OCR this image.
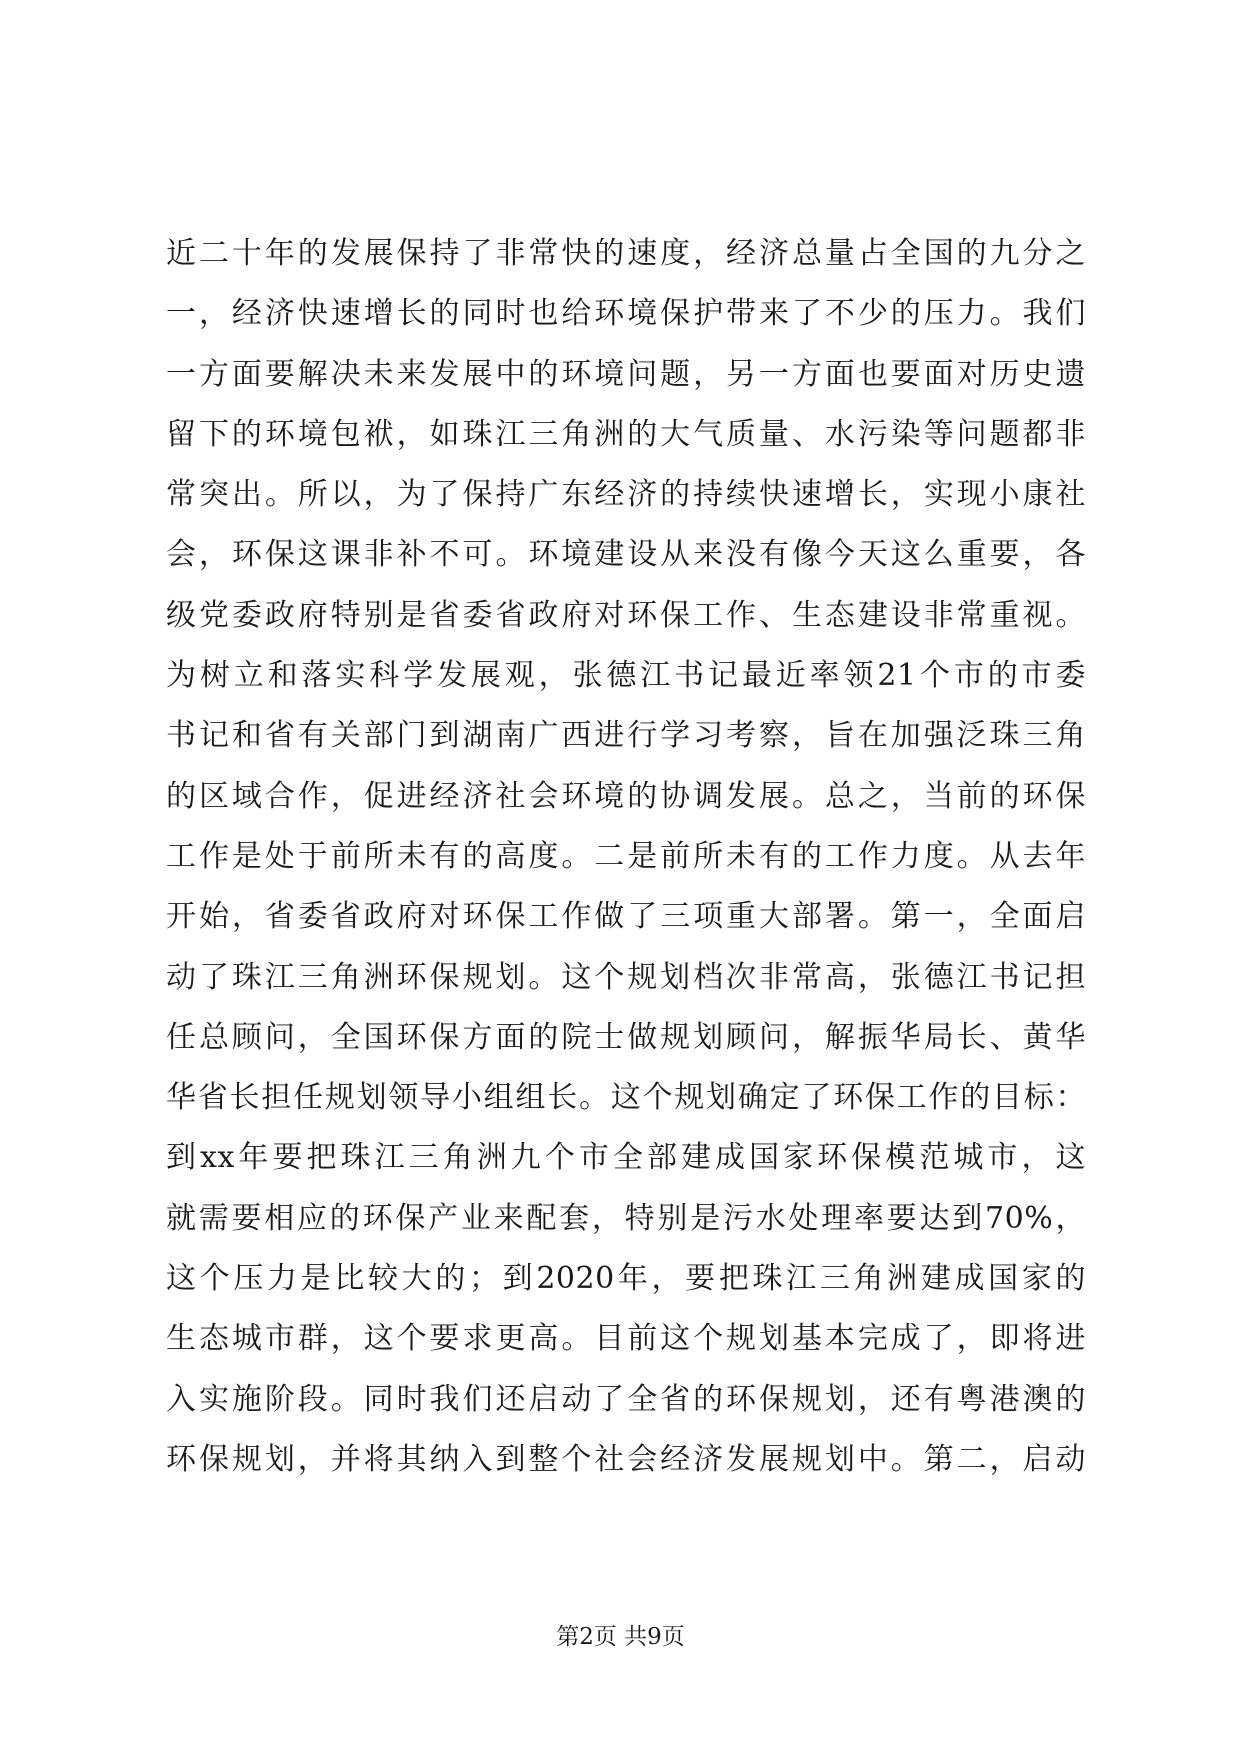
近二十年的发展保持了非常快的速度，经济总量占全国的九分之
一，经济快速增长的同时也给环境保护带来了不少的压力。我们
一方面要解决未来发展中的环境问题，另一方面也要面对历史遗
留下的环境包袱，如珠江三角洲的大气质量、水污染等问题都非
常突出。所以，为了保持广东经济的持续快速增长，实现小康社
会，环保这课非补不可。环境建设从来没有像今天这么重要，各
级党委政府特别是省委省政府对环保工作、生态建设非常重视。
为树立和落实科学发展观，张德江书记最近率领21个市的市委
书记和省有关部门到湖南广西进行学习考察，旨在加强泛珠三角
的区域合作，促进经济社会环境的协调发展。总之，当前的环保
工作是处于前所未有的高度。二是前所未有的工作力度。从去年
开始，省委省政府对环保工作做了三项重大部署。第一，全面启
动了珠江三角洲环保规划。这个规划档次非常高，张德江书记担
任总顾问，全国环保方面的院士做规划顾问，解振华局长、黄华
华省长担任规划领导小组组长。这个规划确定了环保工作的目标：
到xx年要把珠江三角洲九个市全部建成国家环保模范城市，这
就需要相应的环保产业来配套，特别是污水处理率要达到70%，
这个压力是比较大的；到2020年，要把珠江三角洲建成国家的
生态城市群，这个要求更高。目前这个规划基本完成了，即将进
入实施阶段。同时我们还启动了全省的环保规划，还有粤港澳的
环保规划，并将其纳入到整个社会经济发展规划中。第二，启动
第2页 共9页
